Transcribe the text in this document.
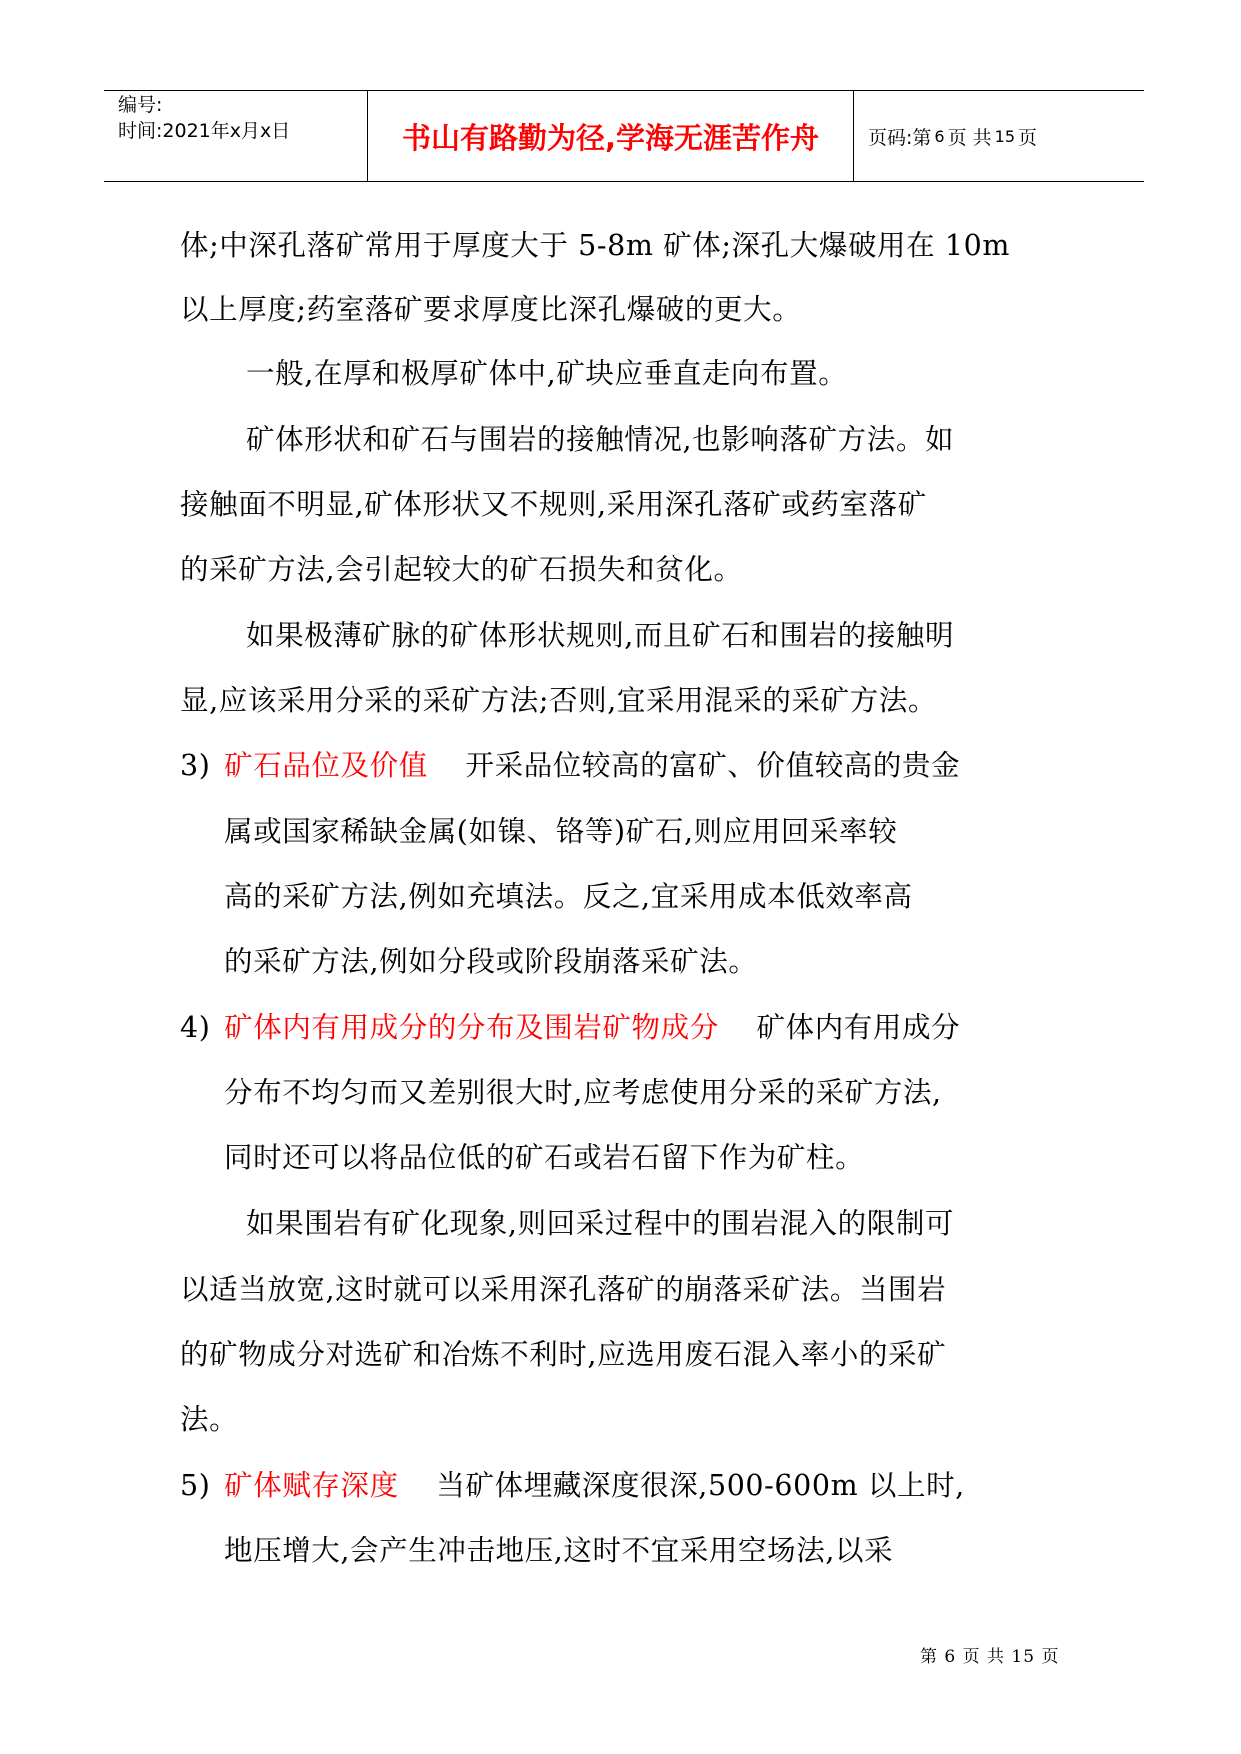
编号:
时间:2021年x月x日	书山有路勤为径,学海无涯苦作舟	页码:第 6 页 共 15 页
体;中深孔落矿常用于厚度大于 5-8m 矿体;深孔大爆破用在 10m
以上厚度;药室落矿要求厚度比深孔爆破的更大。
一般,在厚和极厚矿体中,矿块应垂直走向布置。
矿体形状和矿石与围岩的接触情况,也影响落矿方法。如
接触面不明显,矿体形状又不规则,采用深孔落矿或药室落矿
的采矿方法,会引起较大的矿石损失和贫化。
如果极薄矿脉的矿体形状规则,而且矿石和围岩的接触明
显,应该采用分采的采矿方法;否则,宜采用混采的采矿方法。
3) 矿石品位及价值 开采品位较高的富矿、价值较高的贵金
属或国家稀缺金属(如镍、铬等)矿石,则应用回采率较
高的采矿方法,例如充填法。反之,宜采用成本低效率高
的采矿方法,例如分段或阶段崩落采矿法。
4) 矿体内有用成分的分布及围岩矿物成分 矿体内有用成分
分布不均匀而又差别很大时,应考虑使用分采的采矿方法,
同时还可以将品位低的矿石或岩石留下作为矿柱。
如果围岩有矿化现象,则回采过程中的围岩混入的限制可
以适当放宽,这时就可以采用深孔落矿的崩落采矿法。当围岩
的矿物成分对选矿和冶炼不利时,应选用废石混入率小的采矿
法。
5) 矿体赋存深度 当矿体埋藏深度很深,500-600m 以上时,
地压增大,会产生冲击地压,这时不宜采用空场法,以采
第 6 页 共 15 页
